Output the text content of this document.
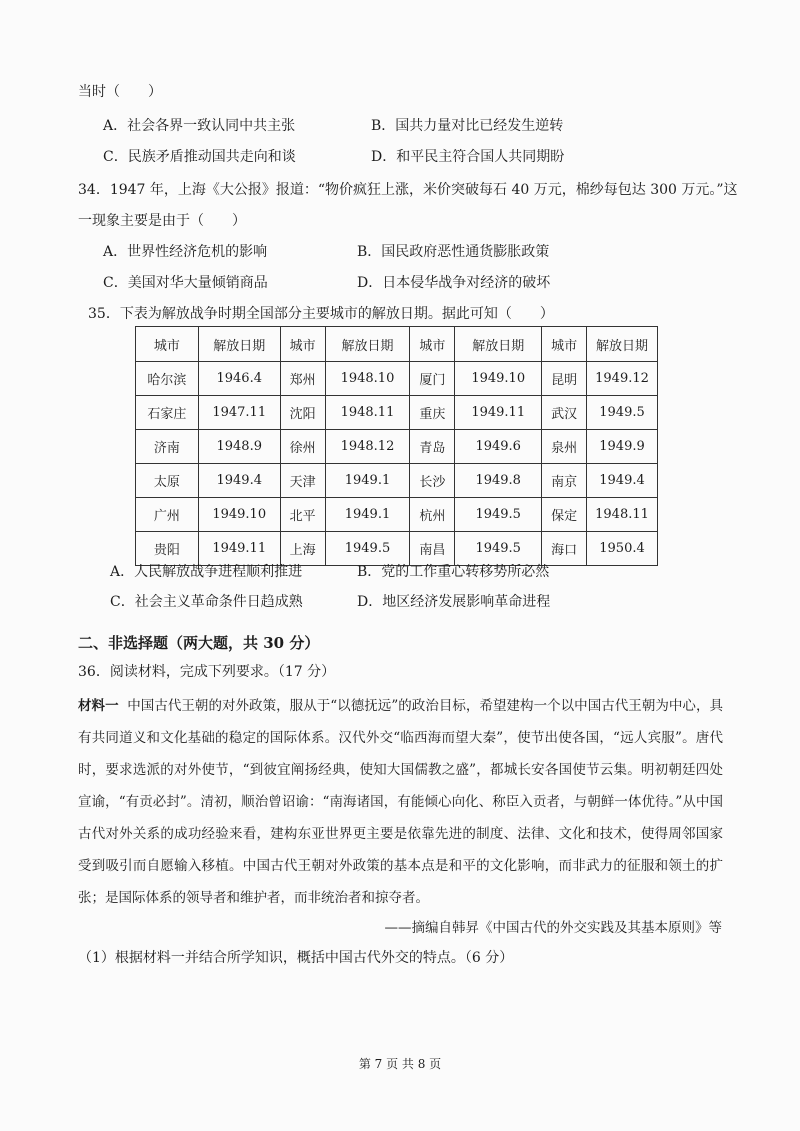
当时（　　）
A．社会各界一致认同中共主张	B．国共力量对比已经发生逆转
C．民族矛盾推动国共走向和谈	D．和平民主符合国人共同期盼
34．1947 年，上海《大公报》报道：“物价疯狂上涨，米价突破每石 40 万元，棉纱每包达 300 万元。”这
一现象主要是由于（　　）
A．世界性经济危机的影响	B．国民政府恶性通货膨胀政策
C．美国对华大量倾销商品	D．日本侵华战争对经济的破坏
35．下表为解放战争时期全国部分主要城市的解放日期。据此可知（　　）
城市	解放日期	城市	解放日期	城市	解放日期	城市	解放日期
哈尔滨	1946.4	郑州	1948.10	厦门	1949.10	昆明	1949.12
石家庄	1947.11	沈阳	1948.11	重庆	1949.11	武汉	1949.5
济南	1948.9	徐州	1948.12	青岛	1949.6	泉州	1949.9
太原	1949.4	天津	1949.1	长沙	1949.8	南京	1949.4
广州	1949.10	北平	1949.1	杭州	1949.5	保定	1948.11
贵阳	1949.11	上海	1949.5	南昌	1949.5	海口	1950.4
A．人民解放战争进程顺利推进	B．党的工作重心转移势所必然
C．社会主义革命条件日趋成熟	D．地区经济发展影响革命进程
二、非选择题（两大题，共 30 分）
36．阅读材料，完成下列要求。（17 分）
材料一 中国古代王朝的对外政策，服从于“以德抚远”的政治目标，希望建构一个以中国古代王朝为中心，具有共同道义和文化基础的稳定的国际体系。汉代外交“临西海而望大秦”，使节出使各国，“远人宾服”。唐代时，要求选派的对外使节，“到彼宜阐扬经典，使知大国儒教之盛”，都城长安各国使节云集。明初朝廷四处宣谕，“有贡必封”。清初，顺治曾诏谕：“南海诸国，有能倾心向化、称臣入贡者，与朝鲜一体优待。”从中国古代对外关系的成功经验来看，建构东亚世界更主要是依靠先进的制度、法律、文化和技术，使得周邻国家受到吸引而自愿输入移植。中国古代王朝对外政策的基本点是和平的文化影响，而非武力的征服和领土的扩张；是国际体系的领导者和维护者，而非统治者和掠夺者。
——摘编自韩昇《中国古代的外交实践及其基本原则》等
（1）根据材料一并结合所学知识，概括中国古代外交的特点。（6 分）
第 7 页 共 8 页
